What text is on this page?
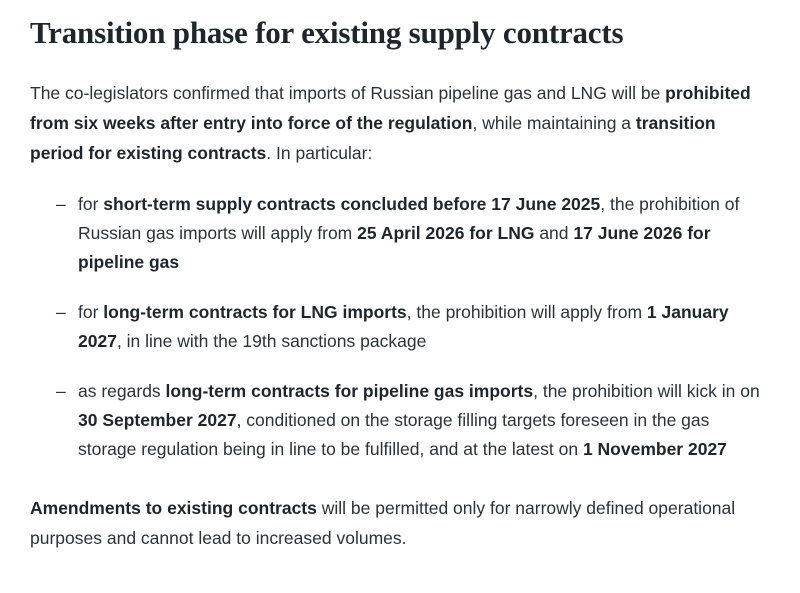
Transition phase for existing supply contracts

The co-legislators confirmed that imports of Russian pipeline gas and LNG will be prohibited from six weeks after entry into force of the regulation, while maintaining a transition period for existing contracts. In particular:

– for short-term supply contracts concluded before 17 June 2025, the prohibition of Russian gas imports will apply from 25 April 2026 for LNG and 17 June 2026 for pipeline gas
– for long-term contracts for LNG imports, the prohibition will apply from 1 January 2027, in line with the 19th sanctions package
– as regards long-term contracts for pipeline gas imports, the prohibition will kick in on 30 September 2027, conditioned on the storage filling targets foreseen in the gas storage regulation being in line to be fulfilled, and at the latest on 1 November 2027

Amendments to existing contracts will be permitted only for narrowly defined operational purposes and cannot lead to increased volumes.
